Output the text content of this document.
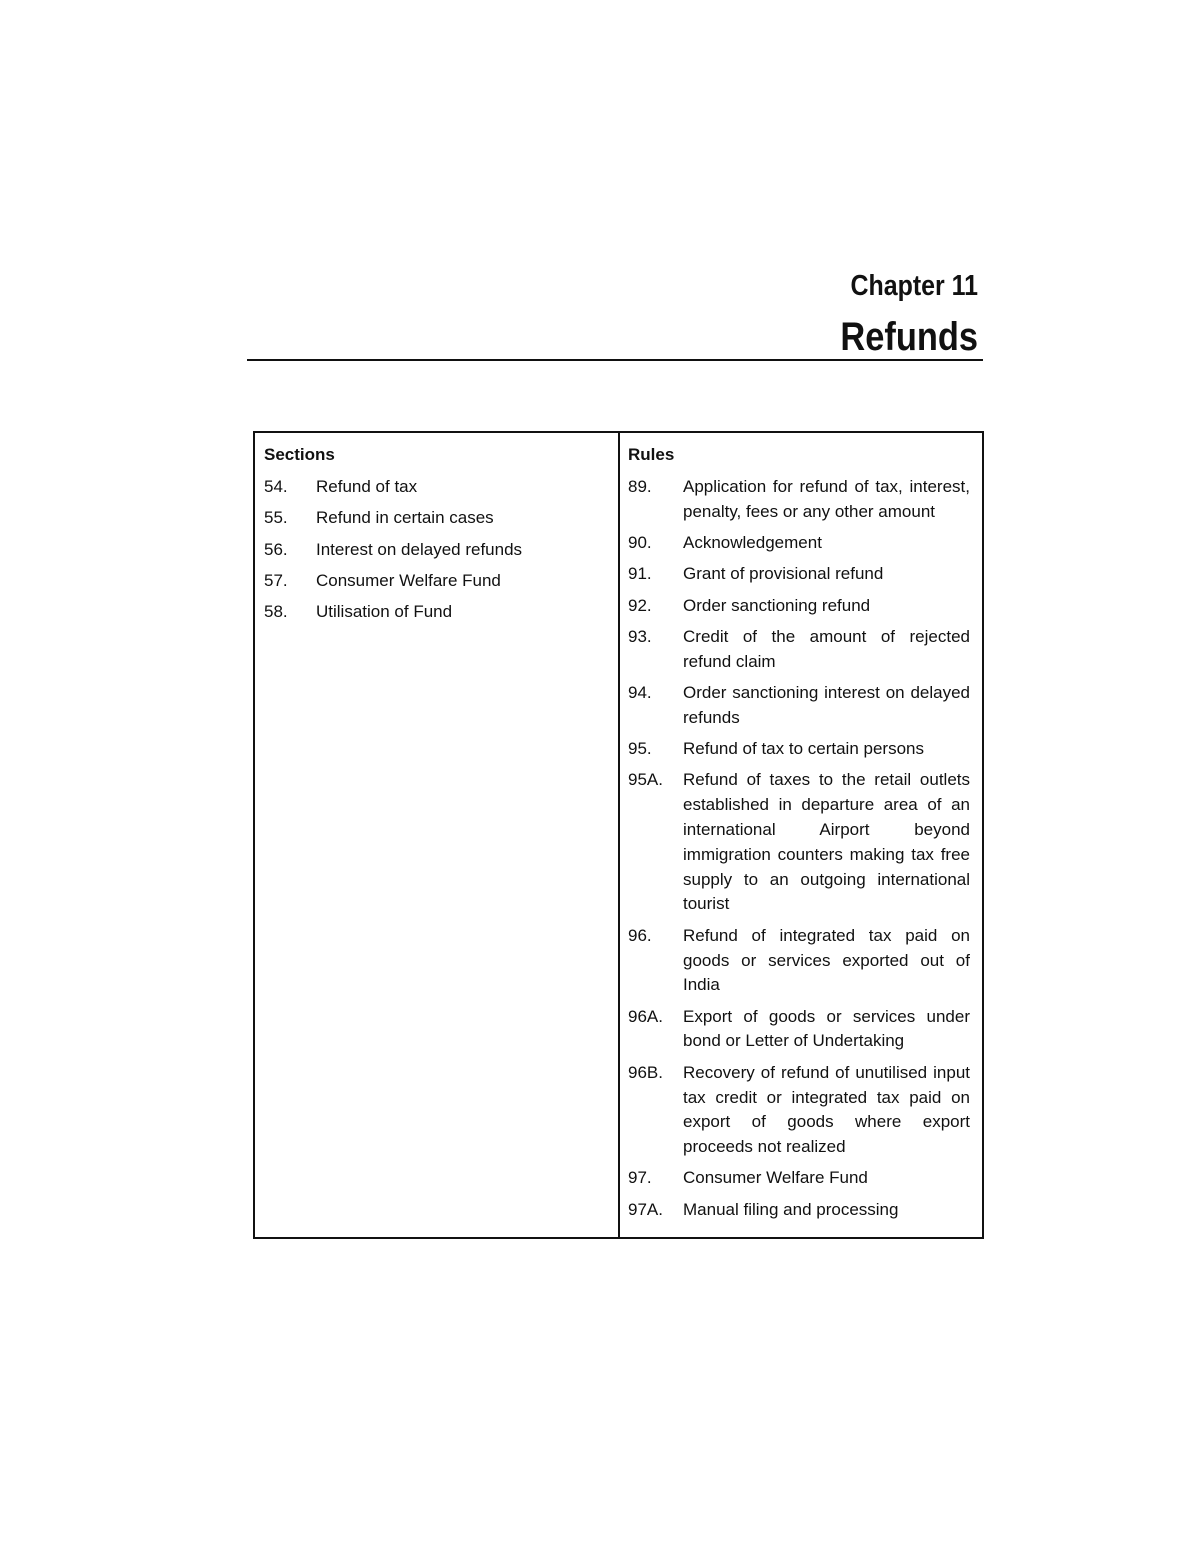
Chapter 11
Refunds
Sections
54.	Refund of tax
55.	Refund in certain cases
56.	Interest on delayed refunds
57.	Consumer Welfare Fund
58.	Utilisation of Fund
Rules
89.	Application for refund of tax, interest, penalty, fees or any other amount
90.	Acknowledgement
91.	Grant of provisional refund
92.	Order sanctioning refund
93.	Credit of the amount of rejected refund claim
94.	Order sanctioning interest on delayed refunds
95.	Refund of tax to certain persons
95A.	Refund of taxes to the retail outlets established in departure area of an international Airport beyond immigration counters making tax free supply to an outgoing international tourist
96.	Refund of integrated tax paid on goods or services exported out of India
96A.	Export of goods or services under bond or Letter of Undertaking
96B.	Recovery of refund of unutilised input tax credit or integrated tax paid on export of goods where export proceeds not realized
97.	Consumer Welfare Fund
97A.	Manual filing and processing
